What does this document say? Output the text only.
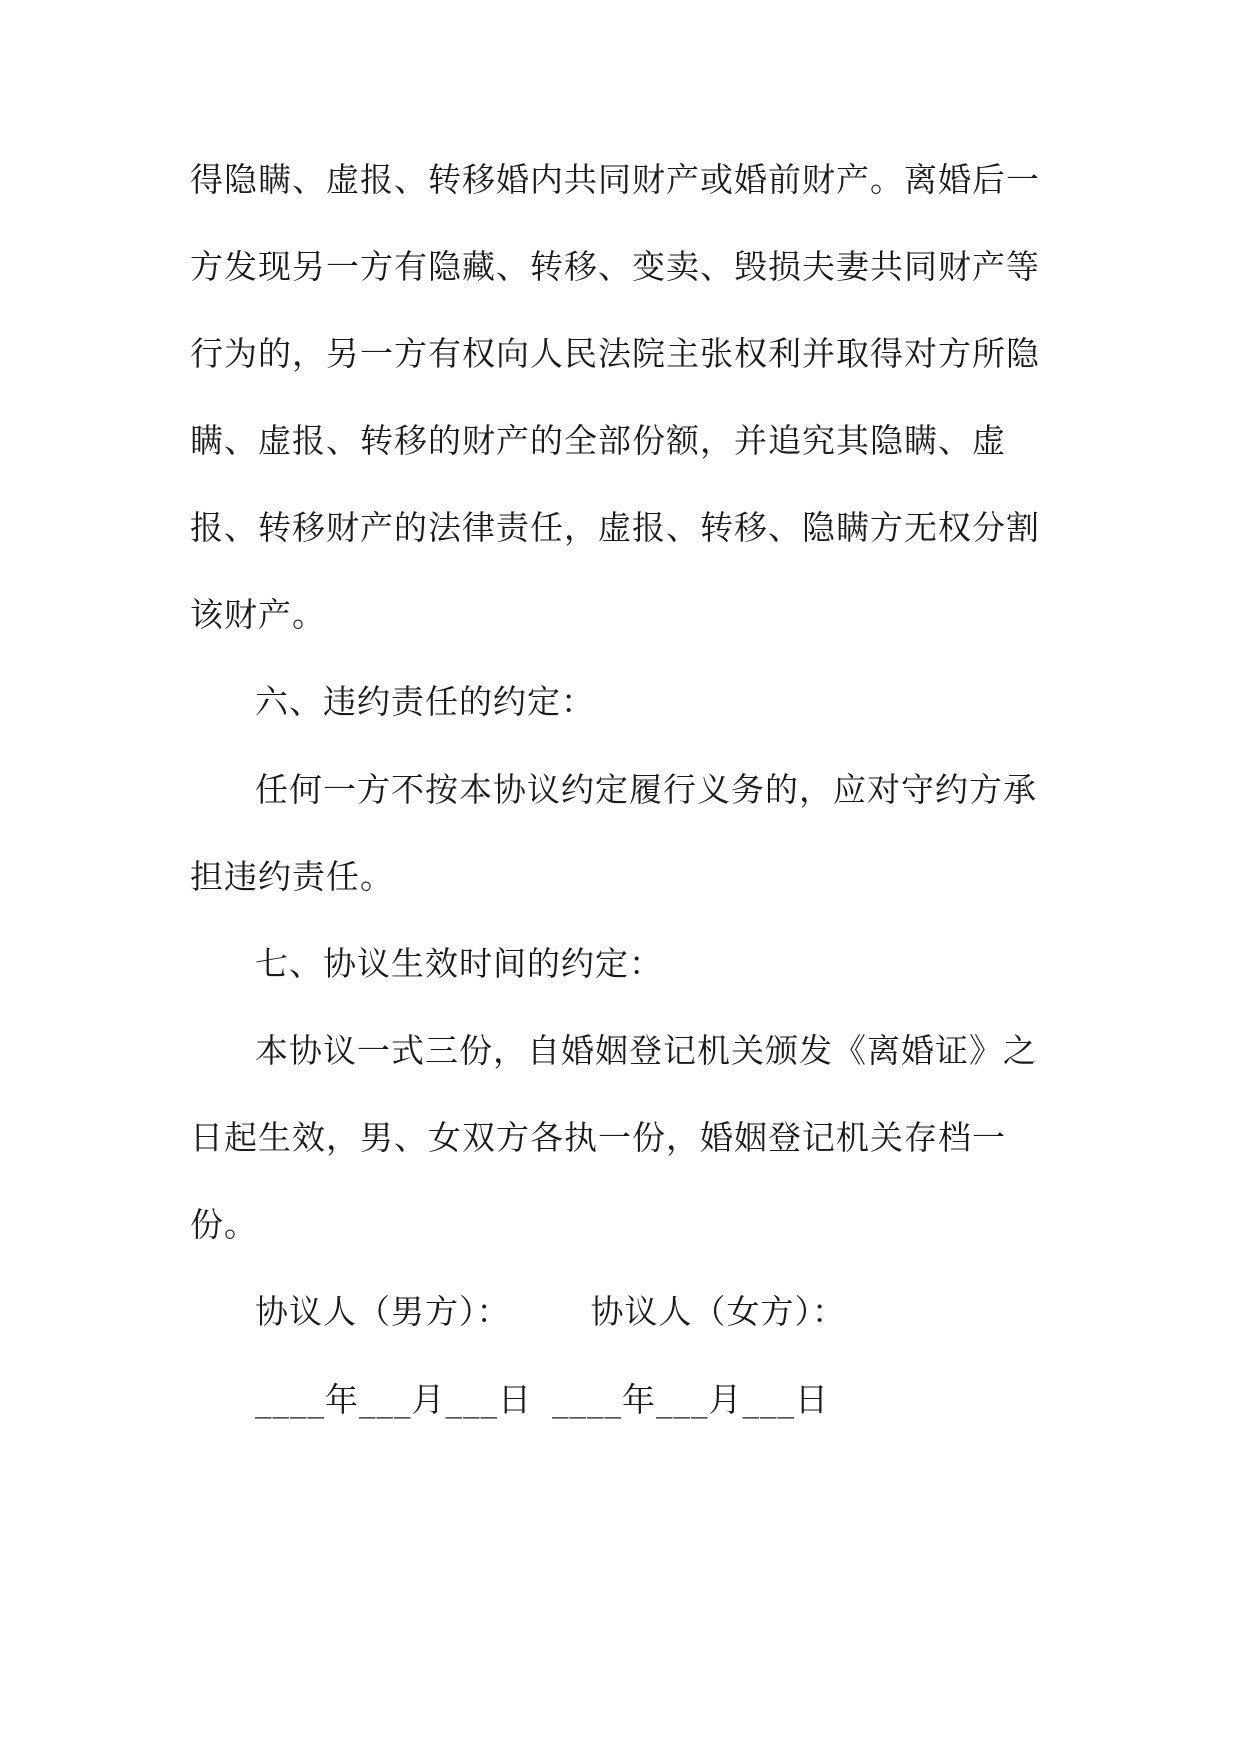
得隐瞒、虚报、转移婚内共同财产或婚前财产。离婚后一
方发现另一方有隐藏、转移、变卖、毁损夫妻共同财产等
行为的，另一方有权向人民法院主张权利并取得对方所隐
瞒、虚报、转移的财产的全部份额，并追究其隐瞒、虚
报、转移财产的法律责任，虚报、转移、隐瞒方无权分割
该财产。
六、违约责任的约定：
任何一方不按本协议约定履行义务的，应对守约方承
担违约责任。
七、协议生效时间的约定：
本协议一式三份，自婚姻登记机关颁发《离婚证》之
日起生效，男、女双方各执一份，婚姻登记机关存档一
份。
协议人（男方）： 协议人（女方）：
____年___月___日 ____年___月___日
